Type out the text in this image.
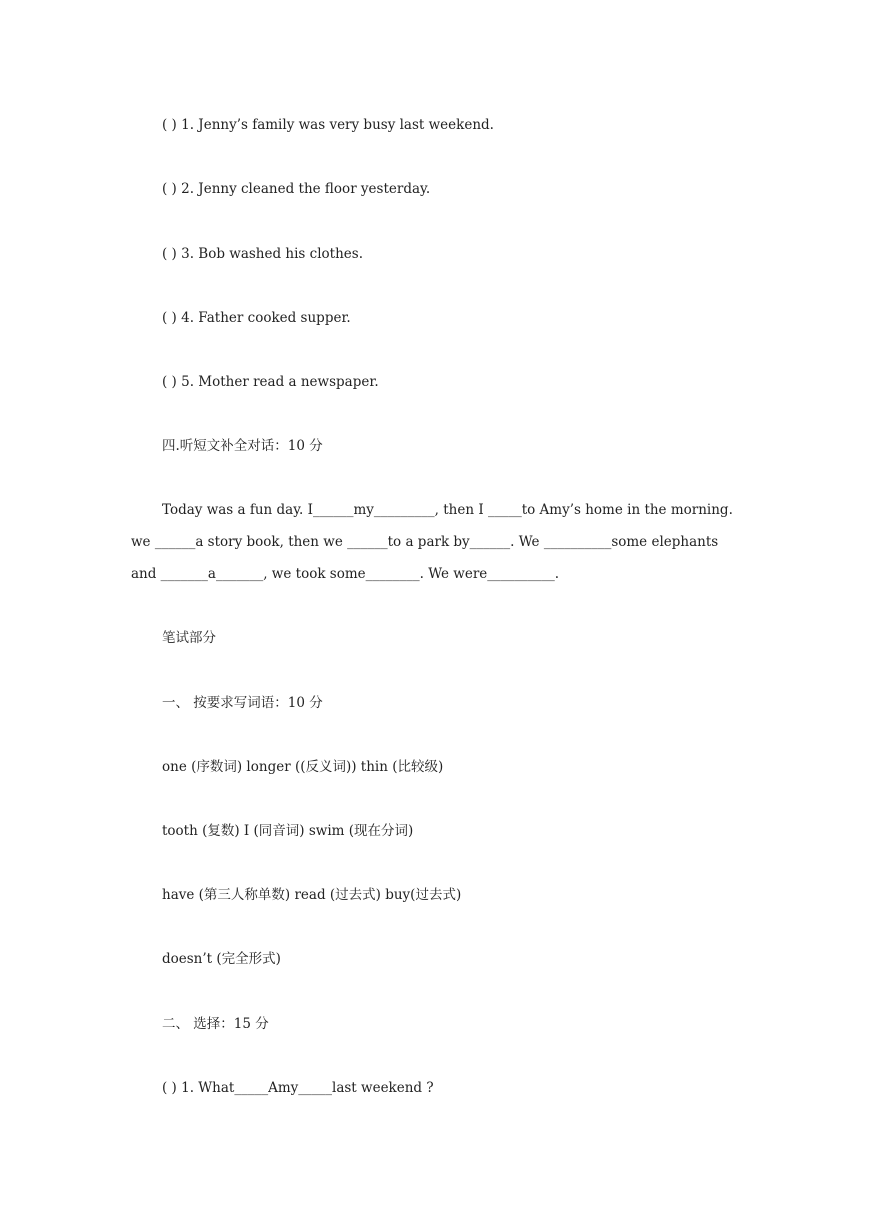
( ) 1. Jenny’s family was very busy last weekend.
( ) 2. Jenny cleaned the floor yesterday.
( ) 3. Bob washed his clothes.
( ) 4. Father cooked supper.
( ) 5. Mother read a newspaper.
四.听短文补全对话：10 分
Today was a fun day. I______my_________, then I _____to Amy’s home in the morning.
we ______a story book, then we ______to a park by______. We __________some elephants
and _______a_______, we took some________. We were__________.
笔试部分
一、 按要求写词语：10 分
one (序数词) longer ((反义词)) thin (比较级)
tooth (复数) I (同音词) swim (现在分词)
have (第三人称单数) read (过去式) buy(过去式)
doesn’t (完全形式)
二、 选择：15 分
( ) 1. What_____Amy_____last weekend ?
